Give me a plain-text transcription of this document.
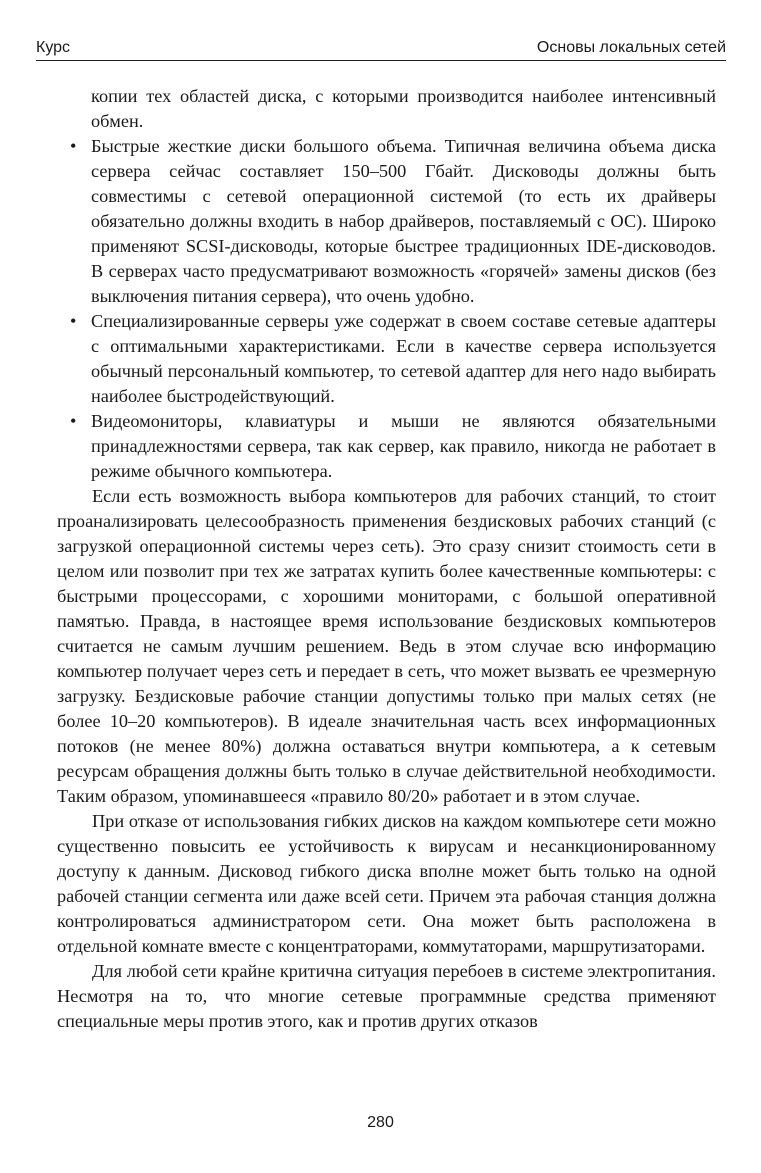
Курс	Основы локальных сетей

копии тех областей диска, с которыми производится наиболее интенсивный обмен.

• Быстрые жесткие диски большого объема. Типичная величина объема диска сервера сейчас составляет 150–500 Гбайт. Дисководы должны быть совместимы с сетевой операционной системой (то есть их драйверы обязательно должны входить в набор драйверов, поставляемый с ОС). Широко применяют SCSI-дисководы, которые быстрее традиционных IDE-дисководов. В серверах часто предусматривают возможность «горячей» замены дисков (без выключения питания сервера), что очень удобно.
• Специализированные серверы уже содержат в своем составе сетевые адаптеры с оптимальными характеристиками. Если в качестве сервера используется обычный персональный компьютер, то сетевой адаптер для него надо выбирать наиболее быстродействующий.
• Видеомониторы, клавиатуры и мыши не являются обязательными принадлежностями сервера, так как сервер, как правило, никогда не работает в режиме обычного компьютера.

Если есть возможность выбора компьютеров для рабочих станций, то стоит проанализировать целесообразность применения бездисковых рабочих станций (с загрузкой операционной системы через сеть). Это сразу снизит стоимость сети в целом или позволит при тех же затратах купить более качественные компьютеры: с быстрыми процессорами, с хорошими мониторами, с большой оперативной памятью. Правда, в настоящее время использование бездисковых компьютеров считается не самым лучшим решением. Ведь в этом случае всю информацию компьютер получает через сеть и передает в сеть, что может вызвать ее чрезмерную загрузку. Бездисковые рабочие станции допустимы только при малых сетях (не более 10–20 компьютеров). В идеале значительная часть всех информационных потоков (не менее 80%) должна оставаться внутри компьютера, а к сетевым ресурсам обращения должны быть только в случае действительной необходимости. Таким образом, упоминавшееся «правило 80/20» работает и в этом случае.

При отказе от использования гибких дисков на каждом компьютере сети можно существенно повысить ее устойчивость к вирусам и несанкционированному доступу к данным. Дисковод гибкого диска вполне может быть только на одной рабочей станции сегмента или даже всей сети. Причем эта рабочая станция должна контролироваться администратором сети. Она может быть расположена в отдельной комнате вместе с концентраторами, коммутаторами, маршрутизаторами.

Для любой сети крайне критична ситуация перебоев в системе электропитания. Несмотря на то, что многие сетевые программные средства применяют специальные меры против этого, как и против других отказов

280
